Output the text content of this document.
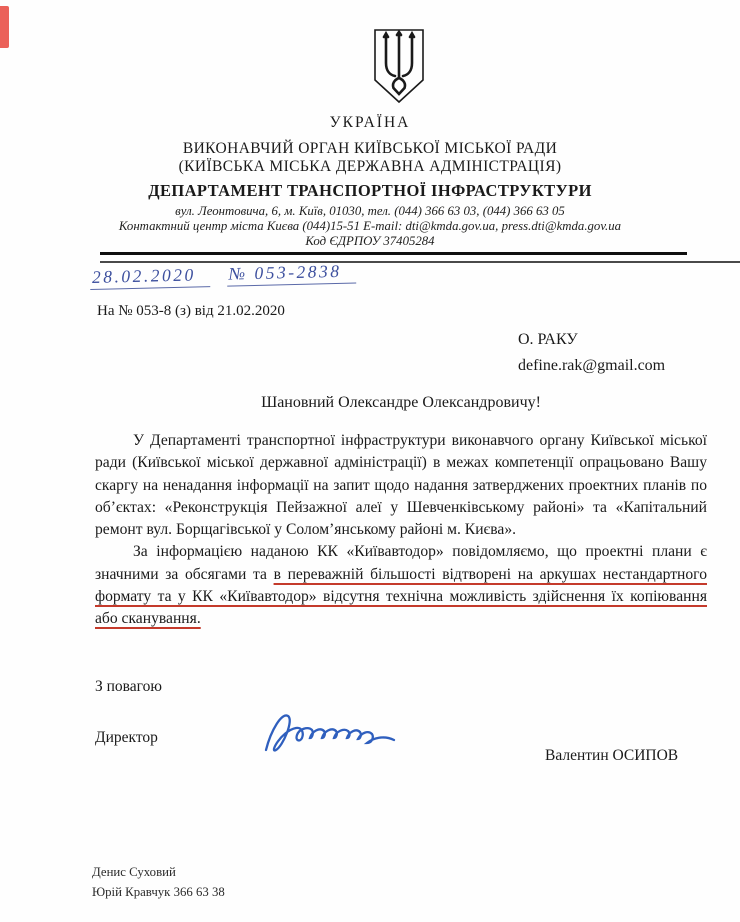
УКРАЇНА
ВИКОНАВЧИЙ ОРГАН КИЇВСЬКОЇ МІСЬКОЇ РАДИ
(КИЇВСЬКА МІСЬКА ДЕРЖАВНА АДМІНІСТРАЦІЯ)
ДЕПАРТАМЕНТ ТРАНСПОРТНОЇ ІНФРАСТРУКТУРИ
вул. Леонтовича, 6, м. Київ, 01030, тел. (044) 366 63 03, (044) 366 63 05
Контактний центр міста Києва (044)15-51 E-mail: dti@kmda.gov.ua, press.dti@kmda.gov.ua
Код ЄДРПОУ 37405284
28.02.2020 № 053-2838
На № 053-8 (з) від 21.02.2020
О. РАКУ
define.rak@gmail.com
Шановний Олександре Олександровичу!

У Департаменті транспортної інфраструктури виконавчого органу Київської міської ради (Київської міської державної адміністрації) в межах компетенції опрацьовано Вашу скаргу на ненадання інформації на запит щодо надання затверджених проектних планів по об’єктах: «Реконструкція Пейзажної алеї у Шевченківському районі» та «Капітальний ремонт вул. Борщагівської у Солом’янському районі м. Києва».

За інформацією наданою КК «Київавтодор» повідомляємо, що проектні плани є значними за обсягами та в переважній більшості відтворені на аркушах нестандартного формату та у КК «Київавтодор» відсутня технічна можливість здійснення їх копіювання або сканування.

З повагою
Директор
Валентин ОСИПОВ
Денис Суховий
Юрій Кравчук 366 63 38
